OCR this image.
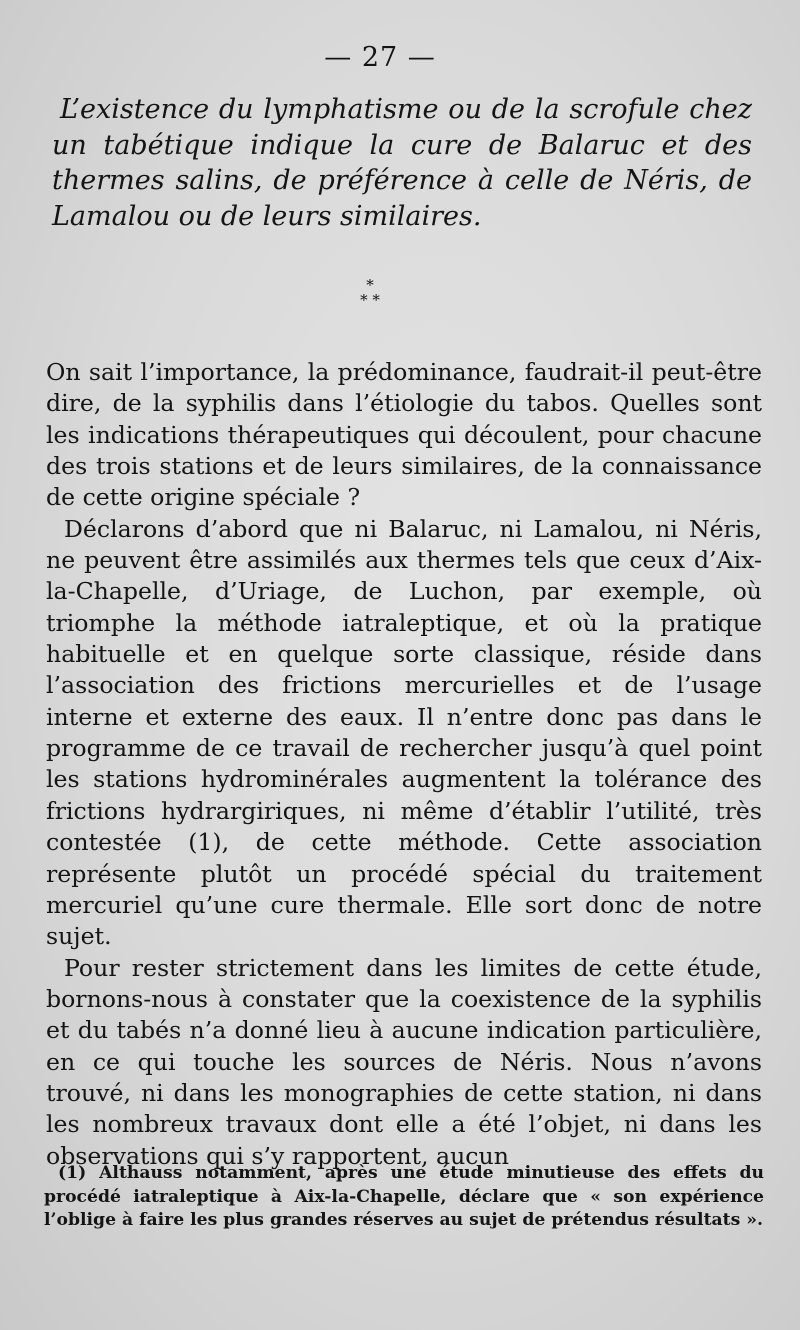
— 27 —

L’existence du lymphatisme ou de la scrofule chez un tabétique indique la cure de Balaruc et des thermes salins, de préférence à celle de Néris, de Lamalou ou de leurs similaires.

*
* *

On sait l’importance, la prédominance, faudrait-il peut-être dire, de la syphilis dans l’étiologie du tabos. Quelles sont les indications thérapeutiques qui découlent, pour chacune des trois stations et de leurs similaires, de la connaissance de cette origine spéciale ?

Déclarons d’abord que ni Balaruc, ni Lamalou, ni Néris, ne peuvent être assimilés aux thermes tels que ceux d’Aix-la-Chapelle, d’Uriage, de Luchon, par exemple, où triomphe la méthode iatraleptique, et où la pratique habituelle et en quelque sorte classique, réside dans l’association des frictions mercurielles et de l’usage interne et externe des eaux. Il n’entre donc pas dans le programme de ce travail de rechercher jusqu’à quel point les stations hydrominérales augmentent la tolérance des frictions hydrargiriques, ni même d’établir l’utilité, très contestée (1), de cette méthode. Cette association représente plutôt un procédé spécial du traitement mercuriel qu’une cure thermale. Elle sort donc de notre sujet.

Pour rester strictement dans les limites de cette étude, bornons-nous à constater que la coexistence de la syphilis et du tabés n’a donné lieu à aucune indication particulière, en ce qui touche les sources de Néris. Nous n’avons trouvé, ni dans les monographies de cette station, ni dans les nombreux travaux dont elle a été l’objet, ni dans les observations qui s’y rapportent, aucun

(1) Althauss notamment, après une étude minutieuse des effets du procédé iatraleptique à Aix-la-Chapelle, déclare que « son expérience l’oblige à faire les plus grandes réserves au sujet de prétendus résultats ».
